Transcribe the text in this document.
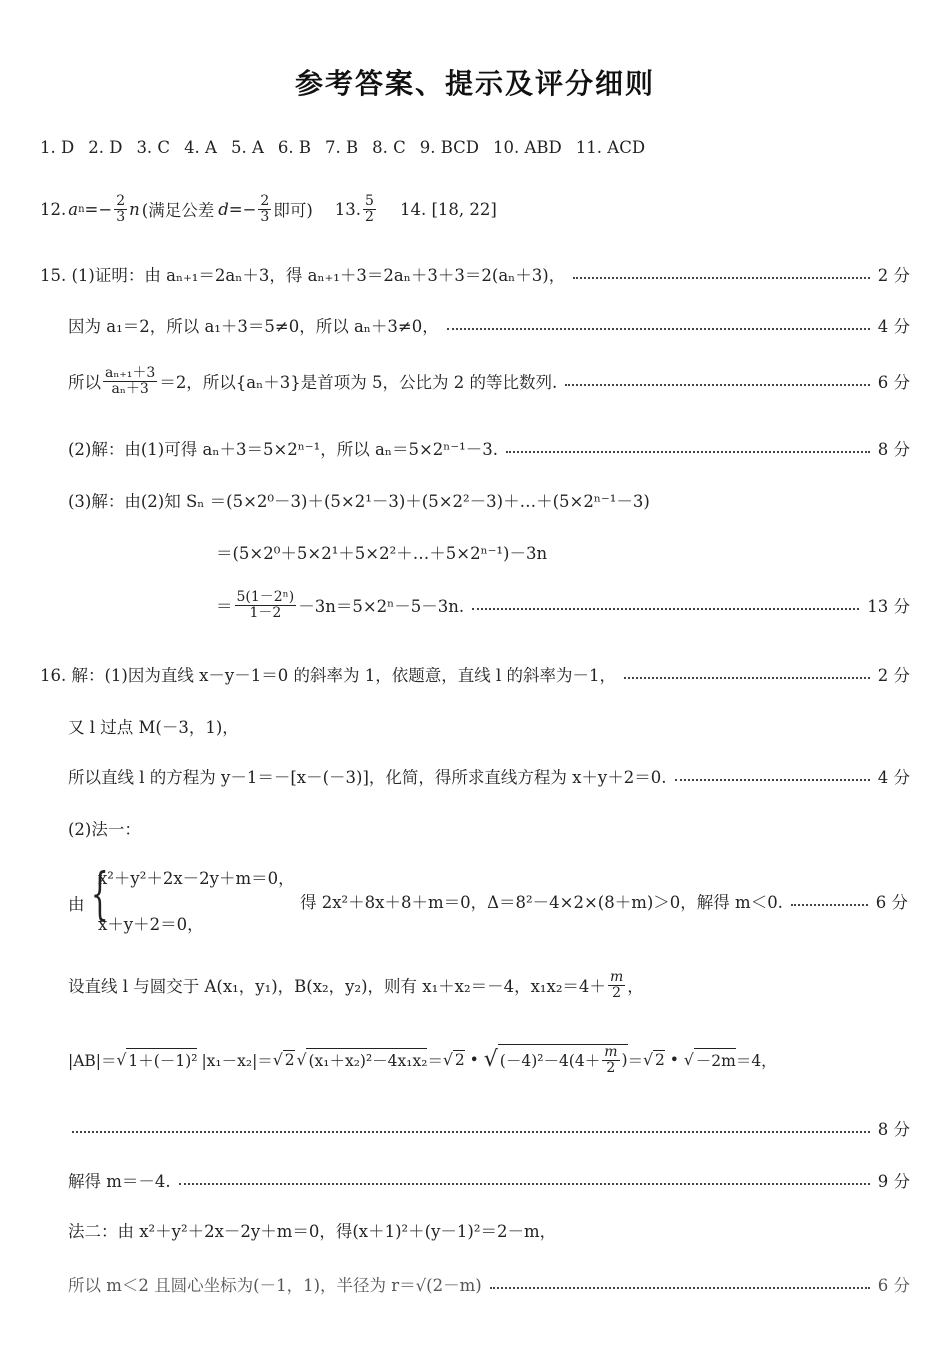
参考答案、提示及评分细则
1. D 2. D 3. C 4. A 5. A 6. B 7. B 8. C 9. BCD 10. ABD 11. ACD
12. a $n =- \frac{2}{3}$ n (满足公差 $d =- \frac{2}{3}$ 即可) 13. $\frac{5}{2} 14$. [18, 22]
15. (1)证明：由 aₙ₊₁＝2aₙ＋3，得 aₙ₊₁＋3＝2aₙ＋3＋3＝2(aₙ＋3)，	2 分
因为 a₁＝2，所以 a₁＋3＝5≠0，所以 aₙ＋3≠0，	4 分
所以 $\frac{\text{aₙ₊₁＋3}}{\text{aₙ＋3}} =2$，所以{aₙ＋3}是首项为 5，公比为 2 的等比数列.	6 分
(2)解：由(1)可得 aₙ＋3＝5×2ⁿ⁻¹，所以 aₙ＝5×2ⁿ⁻¹－3.	8 分
(3)解：由(2)知 Sₙ ＝(5×2⁰－3)＋(5×2¹－3)＋(5×2²－3)＋…＋(5×2ⁿ⁻¹－3)
＝(5×2⁰＋5×2¹＋5×2²＋…＋5×2ⁿ⁻¹)－3n
＝ $\frac{\text{5(1－2ⁿ)}}{1-2} -3n=5\times 2^n-5-3n$.	13 分
16. 解：(1)因为直线 x－y－1＝0 的斜率为 1，依题意，直线 l 的斜率为－1，	2 分
又 l 过点 M(－3，1)，
所以直线 l 的方程为 y－1＝－[x－(－3)]，化简，得所求直线方程为 x＋y＋2＝0.	4 分
(2)法一：
由 {
x²＋y²＋2x－2y＋m＝0，
x＋y＋2＝0，
得 2x²＋8x＋8＋m＝0，Δ＝8²－4×2×(8＋m)＞0，解得 m＜0.	6 分
设直线 l 与圆交于 A(x₁，y₁)，B(x₂，y₂)，则有 x₁＋x₂＝－4，$x_1x_2=4+ \frac{m}{2}$ ，
|AB|＝ √ 1＋(－1)² |x₁－x₂|＝ √ 2 √ (x₁＋x₂)²－4x₁x₂ ＝ √ 2 • √ $(-4)^2-4(4+ \frac{m}{2}$ ) ＝ √ 2 • √ －2m ＝4，
8 分
解得 m＝－4.	9 分
法二：由 x²＋y²＋2x－2y＋m＝0，得(x＋1)²＋(y－1)²＝2－m，
所以 m＜2 且圆心坐标为(－1，1)，半径为 r＝√(2－m)	6 分
